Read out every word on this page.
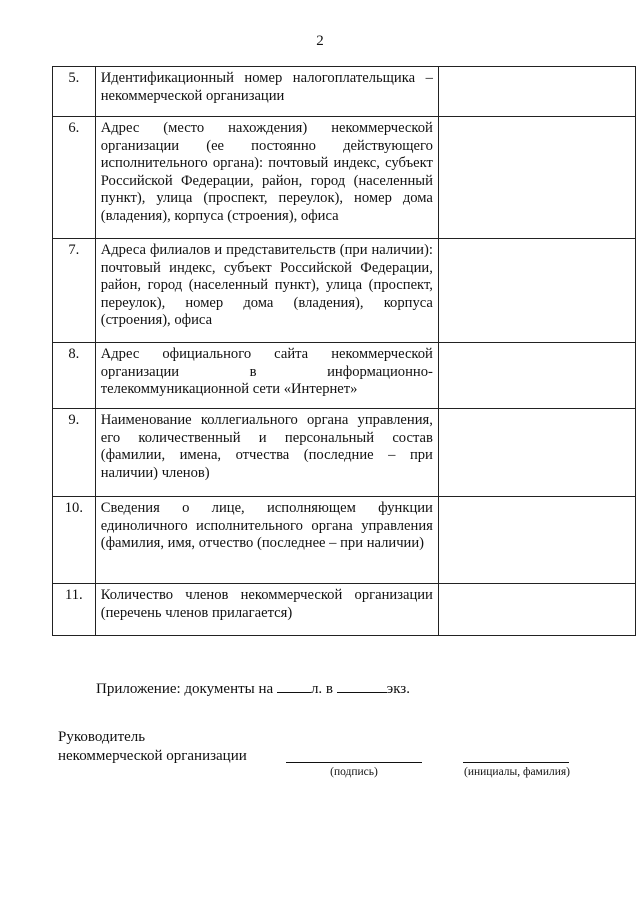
2
5.	Идентификационный номер налогоплательщика – некоммерческой организации	
6.	Адрес (место нахождения) некоммерческой организации (ее постоянно действующего исполнительного органа): почтовый индекс, субъект Российской Федерации, район, город (населенный пункт), улица (проспект, переулок), номер дома (владения), корпуса (строения), офиса	
7.	Адреса филиалов и представительств (при наличии): почтовый индекс, субъект Российской Федерации, район, город (населенный пункт), улица (проспект, переулок), номер дома (владения), корпуса (строения), офиса	
8.	Адрес официального сайта некоммерческой организации в информационно-телекоммуникационной сети «Интернет»	
9.	Наименование коллегиального органа управления, его количественный и персональный состав (фамилии, имена, отчества (последние – при наличии) членов)	
10.	Сведения о лице, исполняющем функции единоличного исполнительного органа управления (фамилия, имя, отчество (последнее – при наличии)	
11.	Количество членов некоммерческой организации (перечень членов прилагается)	
Приложение: документы на	л. в	экз.
Руководитель
некоммерческой организации
(подпись)	(инициалы, фамилия)
